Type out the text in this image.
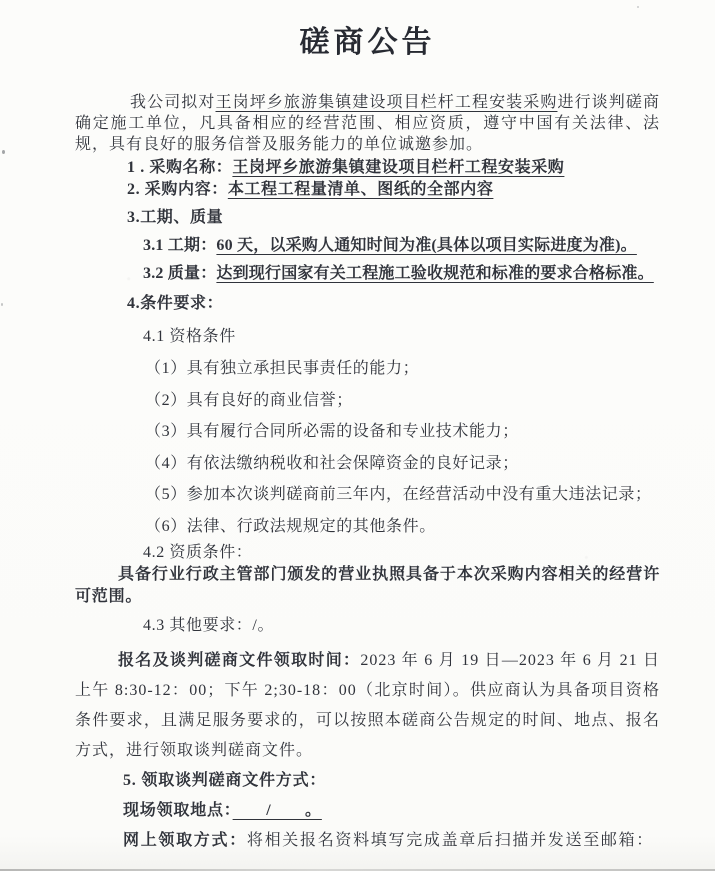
磋商公告
我公司拟对王岗坪乡旅游集镇建设项目栏杆工程安装采购进行谈判磋商确定施工单位，凡具备相应的经营范围、相应资质，遵守中国有关法律、法规，具有良好的服务信誉及服务能力的单位诚邀参加。
1 . 采购名称：王岗坪乡旅游集镇建设项目栏杆工程安装采购
2. 采购内容：本工程工程量清单、图纸的全部内容
3.工期、质量
3.1 工期：60 天，以采购人通知时间为准(具体以项目实际进度为准)。
3.2 质量：达到现行国家有关工程施工验收规范和标准的要求合格标准。
4.条件要求：
4.1 资格条件
（1）具有独立承担民事责任的能力；
（2）具有良好的商业信誉；
（3）具有履行合同所必需的设备和专业技术能力；
（4）有依法缴纳税收和社会保障资金的良好记录；
（5）参加本次谈判磋商前三年内，在经营活动中没有重大违法记录；
（6）法律、行政法规规定的其他条件。
4.2 资质条件：
具备行业行政主管部门颁发的营业执照具备于本次采购内容相关的经营许可范围。
4.3 其他要求：/。
报名及谈判磋商文件领取时间：2023 年 6 月 19 日—2023 年 6 月 21 日上午 8:30-12：00；下午 2;30-18：00（北京时间）。供应商认为具备项目资格条件要求，且满足服务要求的，可以按照本磋商公告规定的时间、地点、报名方式，进行领取谈判磋商文件。
5. 领取谈判磋商文件方式：
现场领取地点：　　/　　。
网上领取方式：将相关报名资料填写完成盖章后扫描并发送至邮箱：
